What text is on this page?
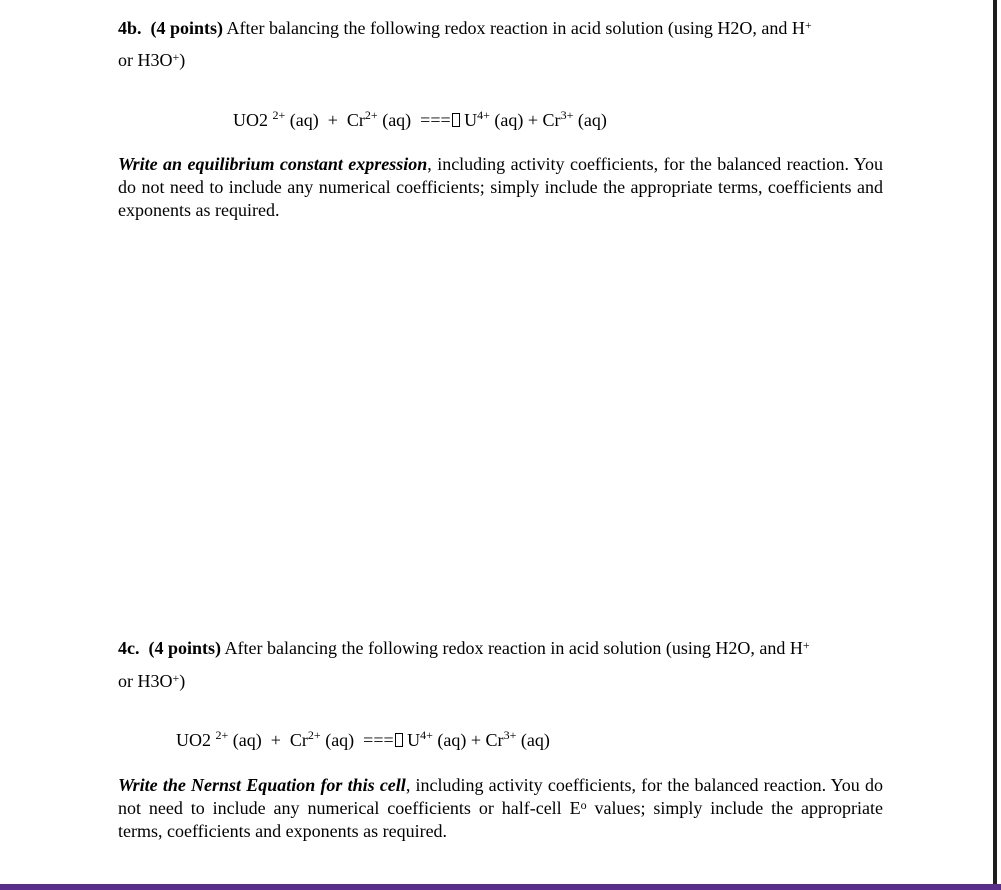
4b. (4 points) After balancing the following redox reaction in acid solution (using H2O, and H+
or H3O+)
UO2 $^{2+}$ $(aq) + Cr^{2+}$ (aq)  === $U^{4+}$ $(aq) + Cr^{3+}$ (aq)
Write an equilibrium constant expression, including activity coefficients, for the balanced reaction. You do not need to include any numerical coefficients; simply include the appropriate terms, coefficients and exponents as required.
4c. (4 points) After balancing the following redox reaction in acid solution (using H2O, and H+
or H3O+)
UO2 $^{2+}$ $(aq) + Cr^{2+}$ (aq)  === $U^{4+}$ $(aq) + Cr^{3+}$ (aq)
Write the Nernst Equation for this cell, including activity coefficients, for the balanced reaction. You do not need to include any numerical coefficients or half-cell $E^o$ values; simply include the appropriate terms, coefficients and exponents as required.
